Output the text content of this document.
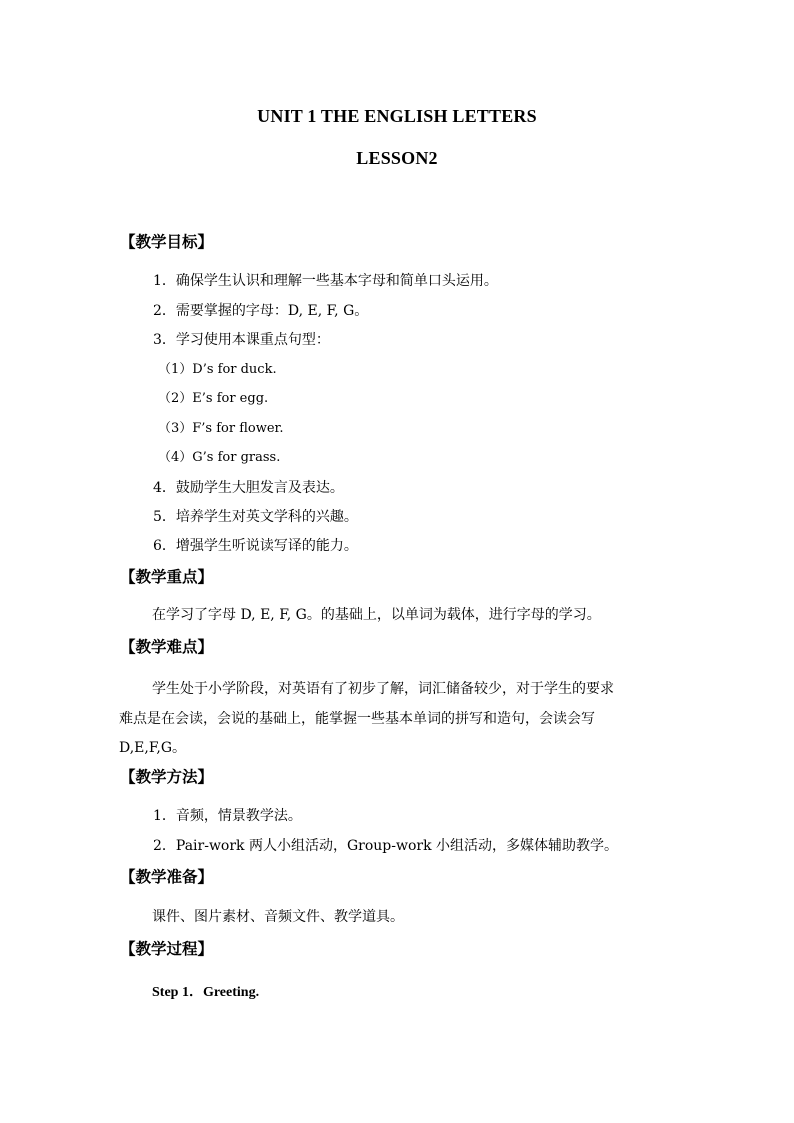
UNIT 1 THE ENGLISH LETTERS
LESSON2
【教学目标】
1．确保学生认识和理解一些基本字母和简单口头运用。
2．需要掌握的字母：D, E, F, G。
3．学习使用本课重点句型：
（1）D’s for duck.
（2）E’s for egg.
（3）F’s for flower.
（4）G’s for grass.
4．鼓励学生大胆发言及表达。
5．培养学生对英文学科的兴趣。
6．增强学生听说读写译的能力。
【教学重点】
在学习了字母 D, E, F, G。的基础上，以单词为载体，进行字母的学习。
【教学难点】
学生处于小学阶段，对英语有了初步了解，词汇储备较少，对于学生的要求
难点是在会读，会说的基础上，能掌握一些基本单词的拼写和造句，会读会写
D,E,F,G。
【教学方法】
1．音频，情景教学法。
2．Pair-work 两人小组活动，Group-work 小组活动，多媒体辅助教学。
【教学准备】
课件、图片素材、音频文件、教学道具。
【教学过程】
Step 1．Greeting.
